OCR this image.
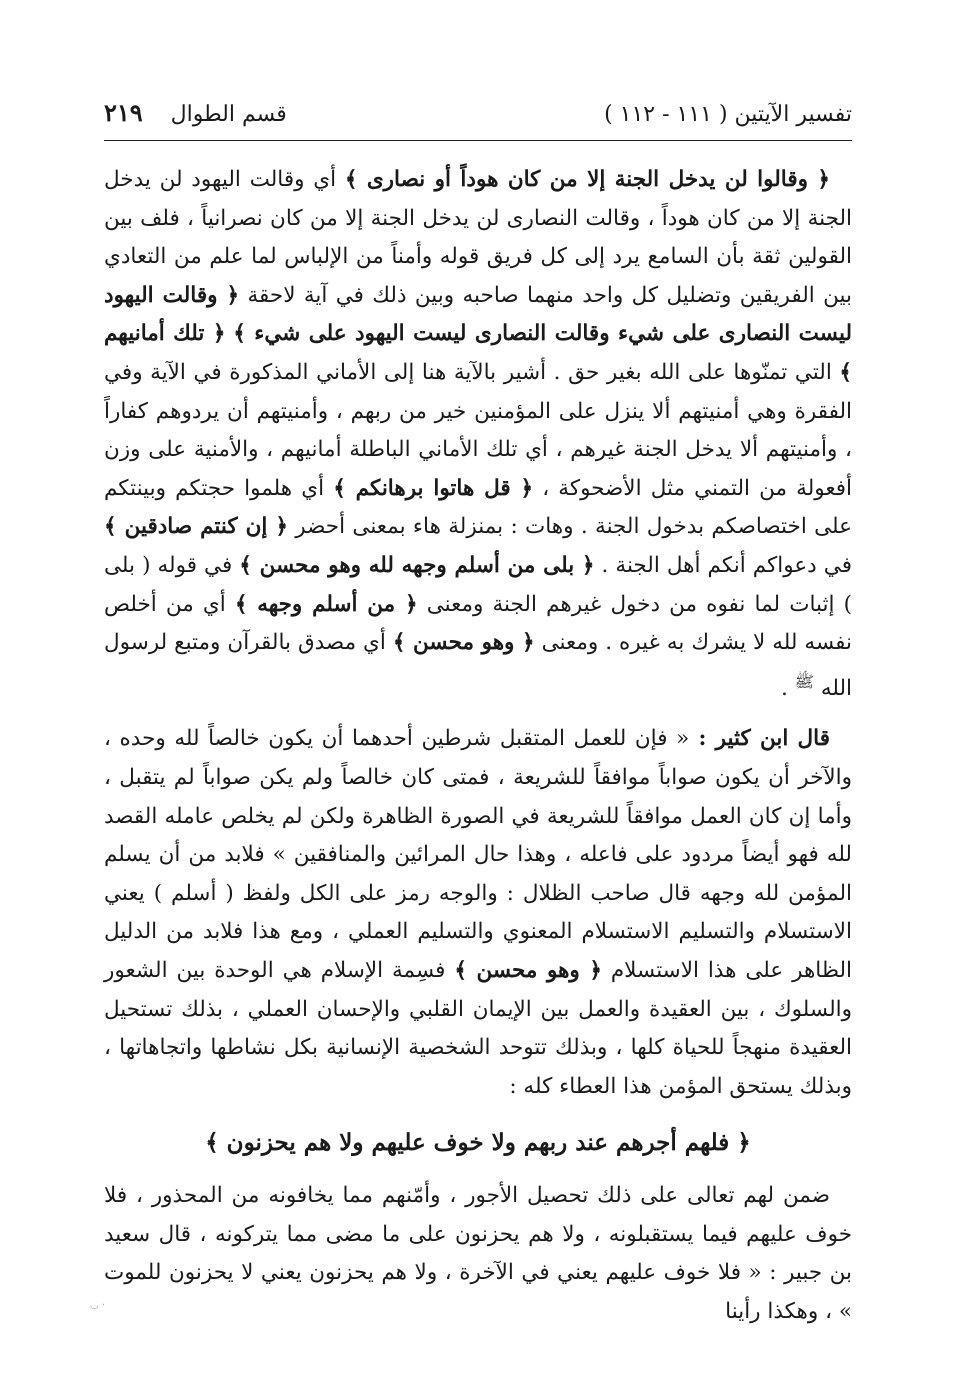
تفسير الآيتين ( ١١١ - ١١٢ )
قسم الطوال
٢١٩

﴿ وقالوا لن يدخل الجنة إلا من كان هوداً أو نصارى ﴾ أي وقالت اليهود لن يدخل الجنة إلا من كان هوداً ، وقالت النصارى لن يدخل الجنة إلا من كان نصرانياً ، فلف بين القولين ثقة بأن السامع يرد إلى كل فريق قوله وأمناً من الإلباس لما علم من التعادي بين الفريقين وتضليل كل واحد منهما صاحبه وبين ذلك في آية لاحقة ﴿ وقالت اليهود ليست النصارى على شيء وقالت النصارى ليست اليهود على شيء ﴾ ﴿ تلك أمانيهم ﴾ التي تمنّوها على الله بغير حق . أشير بالآية هنا إلى الأماني المذكورة في الآية وفي الفقرة وهي أمنيتهم ألا ينزل على المؤمنين خير من ربهم ، وأمنيتهم أن يردوهم كفاراً ، وأمنيتهم ألا يدخل الجنة غيرهم ، أي تلك الأماني الباطلة أمانيهم ، والأمنية على وزن أفعولة من التمني مثل الأضحوكة ، ﴿ قل هاتوا برهانكم ﴾ أي هلموا حجتكم وبينتكم على اختصاصكم بدخول الجنة . وهات : بمنزلة هاء بمعنى أحضر ﴿ إن كنتم صادقين ﴾ في دعواكم أنكم أهل الجنة . ﴿ بلى من أسلم وجهه لله وهو محسن ﴾ في قوله ( بلى ) إثبات لما نفوه من دخول غيرهم الجنة ومعنى ﴿ من أسلم وجهه ﴾ أي من أخلص نفسه لله لا يشرك به غيره . ومعنى ﴿ وهو محسن ﴾ أي مصدق بالقرآن ومتبع لرسول الله $^ﷺ$ .

قال ابن كثير : « فإن للعمل المتقبل شرطين أحدهما أن يكون خالصاً لله وحده ، والآخر أن يكون صواباً موافقاً للشريعة ، فمتى كان خالصاً ولم يكن صواباً لم يتقبل ، وأما إن كان العمل موافقاً للشريعة في الصورة الظاهرة ولكن لم يخلص عامله القصد لله فهو أيضاً مردود على فاعله ، وهذا حال المرائين والمنافقين » فلابد من أن يسلم المؤمن لله وجهه قال صاحب الظلال : والوجه رمز على الكل ولفظ ( أسلم ) يعني الاستسلام والتسليم الاستسلام المعنوي والتسليم العملي ، ومع هذا فلابد من الدليل الظاهر على هذا الاستسلام ﴿ وهو محسن ﴾ فسِمة الإسلام هي الوحدة بين الشعور والسلوك ، بين العقيدة والعمل بين الإيمان القلبي والإحسان العملي ، بذلك تستحيل العقيدة منهجاً للحياة كلها ، وبذلك تتوحد الشخصية الإنسانية بكل نشاطها واتجاهاتها ، وبذلك يستحق المؤمن هذا العطاء كله :

﴿ فلهم أجرهم عند ربهم ولا خوف عليهم ولا هم يحزنون ﴾

ضمن لهم تعالى على ذلك تحصيل الأجور ، وأمّنهم مما يخافونه من المحذور ، فلا خوف عليهم فيما يستقبلونه ، ولا هم يحزنون على ما مضى مما يتركونه ، قال سعيد بن جبير : « فلا خوف عليهم يعني في الآخرة ، ولا هم يحزنون يعني لا يحزنون للموت » ، وهكذا رأينا

· ◡
